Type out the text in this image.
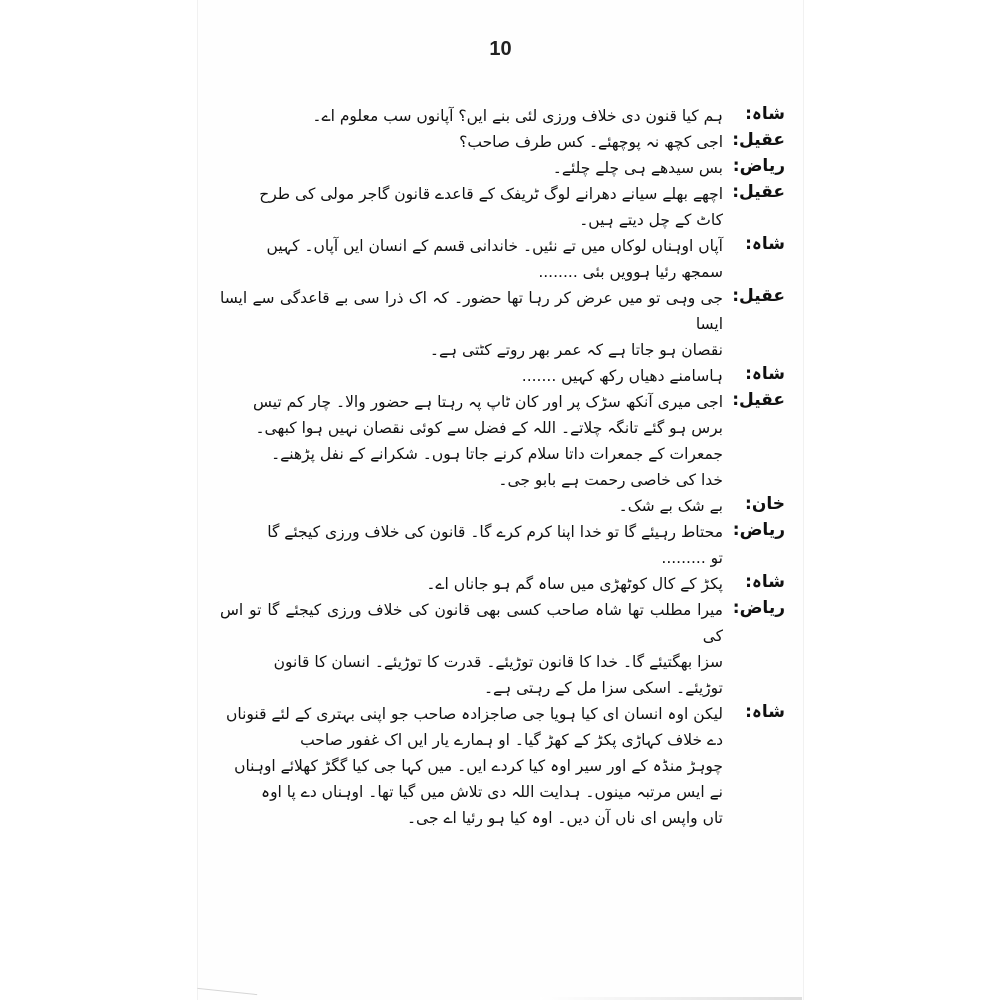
10
شاہ:

ہم کیا قنون دی خلاف ورزی لئی بنے ایں؟ آپانوں سب معلوم اے۔

عقیل:

اجی کچھ نہ پوچھئے۔ کس طرف صاحب؟

ریاض:

بس سیدھے ہی چلے چلئے۔

عقیل:

اچھے بھلے سیانے دھرانے لوگ ٹریفک کے قاعدے قانون گاجر مولی کی طرح

کاٹ کے چل دیتے ہیں۔

شاہ:

آپاں اوہناں لوکاں میں تے نئیں۔ خاندانی قسم کے انسان ایں آپاں۔ کہیں

سمجھ رئیا ہوویں بئی ........

عقیل:

جی وہی تو میں عرض کر رہا تھا حضور۔ کہ اک ذرا سی بے قاعدگی سے ایسا ایسا

نقصان ہو جاتا ہے کہ عمر بھر روتے کٹتی ہے۔

شاہ:

ہاسامنے دھیاں رکھ کہیں .......

عقیل:

اجی میری آنکھ سڑک پر اور کان ٹاپ پہ رہتا ہے حضور والا۔ چار کم تیس

برس ہو گئے تانگہ چلاتے۔ اللہ کے فضل سے کوئی نقصان نہیں ہوا کبھی۔

جمعرات کے جمعرات داتا سلام کرنے جاتا ہوں۔ شکرانے کے نفل پڑھنے۔

خدا کی خاصی رحمت ہے بابو جی۔

خان:

بے شک بے شک۔

ریاض:

محتاط رہیئے گا تو خدا اپنا کرم کرے گا۔ قانون کی خلاف ورزی کیجئے گا

تو .........

شاہ:

پکڑ کے کال کوٹھڑی میں ساہ گم ہو جاناں اے۔

ریاض:

میرا مطلب تھا شاہ صاحب کسی بھی قانون کی خلاف ورزی کیجئے گا تو اس کی

سزا بھگتیئے گا۔ خدا کا قانون توڑیئے۔ قدرت کا توڑیئے۔ انسان کا قانون

توڑیئے۔ اسکی سزا مل کے رہتی ہے۔

شاہ:

لیکن اوہ انسان ای کیا ہویا جی صاجزادہ صاحب جو اپنی بہتری کے لئے قنوناں

دے خلاف کہاڑی پکڑ کے کھڑ گیا۔ او ہمارے یار ایں اک غفور صاحب

چوہڑ منڈہ کے اور سیر اوہ کیا کردے ایں۔ میں کہا جی کیا گگڑ کھلائے اوہناں

نے ایس مرتبہ مینوں۔ ہدایت اللہ دی تلاش میں گیا تھا۔ اوہناں دے پا اوہ

تاں واپس ای ناں آن دیں۔ اوہ کیا ہو رئیا اے جی۔
